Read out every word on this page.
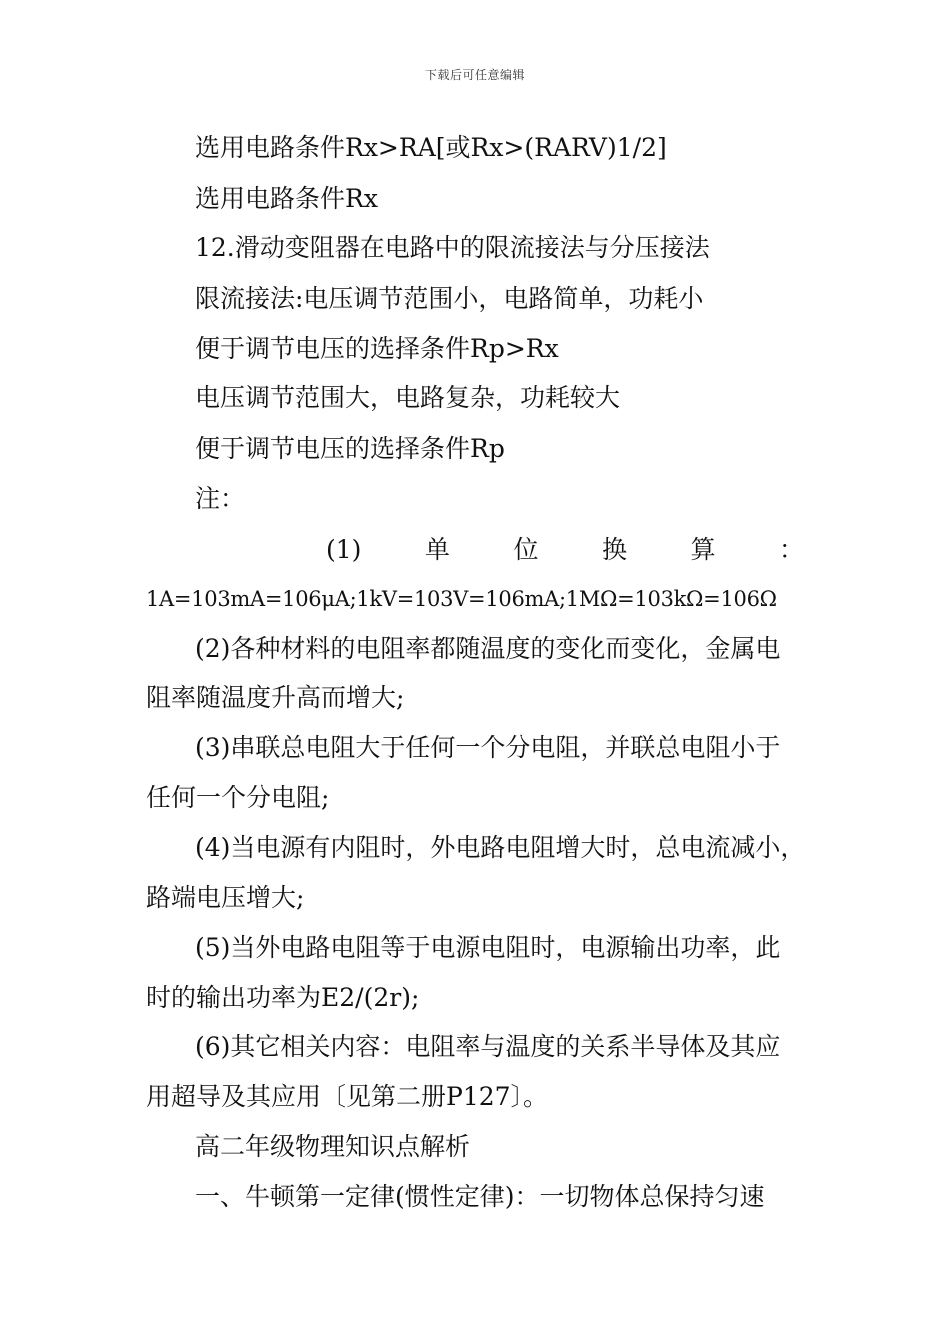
下载后可任意编辑
选用电路条件Rx>RA[或Rx>(RARV)1/2]
选用电路条件Rx
12.滑动变阻器在电路中的限流接法与分压接法
限流接法:电压调节范围小，电路简单，功耗小
便于调节电压的选择条件Rp>Rx
电压调节范围大，电路复杂，功耗较大
便于调节电压的选择条件Rp
注：
(1)	单	位	换	算	：
1A=103mA=106μA;1kV=103V=106mA;1MΩ=103kΩ=106Ω
(2)各种材料的电阻率都随温度的变化而变化，金属电
阻率随温度升高而增大;
(3)串联总电阻大于任何一个分电阻，并联总电阻小于
任何一个分电阻;
(4)当电源有内阻时，外电路电阻增大时，总电流减小，
路端电压增大;
(5)当外电路电阻等于电源电阻时，电源输出功率，此
时的输出功率为E2/(2r);
(6)其它相关内容：电阻率与温度的关系半导体及其应
用超导及其应用〔见第二册P127〕。
高二年级物理知识点解析
一、牛顿第一定律(惯性定律)：一切物体总保持匀速
